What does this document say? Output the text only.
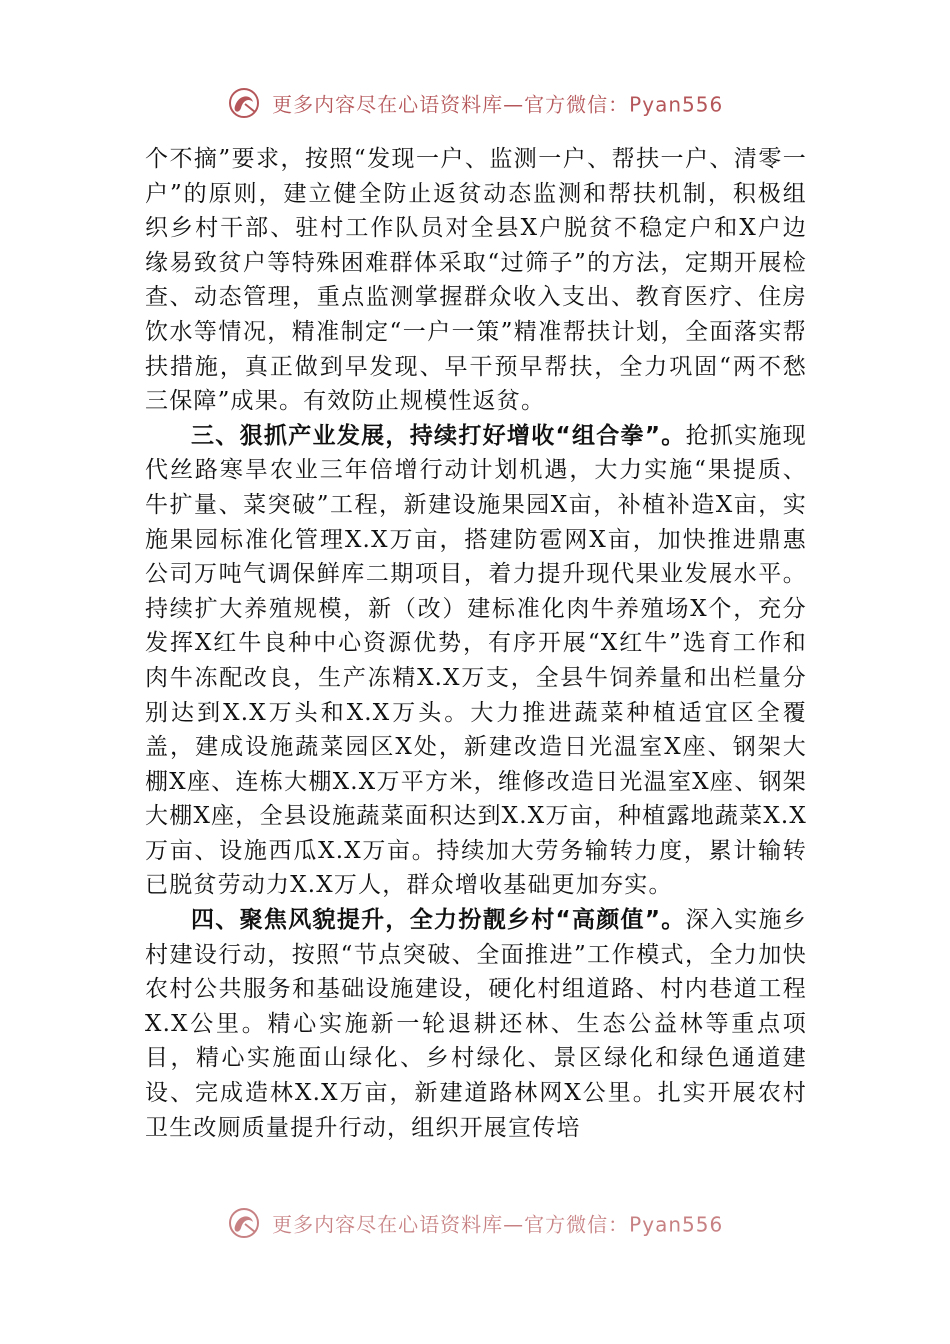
更多内容尽在心语资料库—官方微信：Pyan556

个不摘”要求，按照“发现一户、监测一户、帮扶一户、清零一户”的原则，建立健全防止返贫动态监测和帮扶机制，积极组织乡村干部、驻村工作队员对全县X户脱贫不稳定户和X户边缘易致贫户等特殊困难群体采取“过筛子”的方法，定期开展检查、动态管理，重点监测掌握群众收入支出、教育医疗、住房饮水等情况，精准制定“一户一策”精准帮扶计划，全面落实帮扶措施，真正做到早发现、早干预早帮扶，全力巩固“两不愁三保障”成果。有效防止规模性返贫。

三、狠抓产业发展，持续打好增收“组合拳”。抢抓实施现代丝路寒旱农业三年倍增行动计划机遇，大力实施“果提质、牛扩量、菜突破”工程，新建设施果园X亩，补植补造X亩，实施果园标准化管理X.X万亩，搭建防雹网X亩，加快推进鼎惠公司万吨气调保鲜库二期项目，着力提升现代果业发展水平。持续扩大养殖规模，新（改）建标准化肉牛养殖场X个，充分发挥X红牛良种中心资源优势，有序开展“X红牛”选育工作和肉牛冻配改良，生产冻精X.X万支，全县牛饲养量和出栏量分别达到X.X万头和X.X万头。大力推进蔬菜种植适宜区全覆盖，建成设施蔬菜园区X处，新建改造日光温室X座、钢架大棚X座、连栋大棚X.X万平方米，维修改造日光温室X座、钢架大棚X座，全县设施蔬菜面积达到X.X万亩，种植露地蔬菜X.X万亩、设施西瓜X.X万亩。持续加大劳务输转力度，累计输转已脱贫劳动力X.X万人，群众增收基础更加夯实。

四、聚焦风貌提升，全力扮靓乡村“高颜值”。深入实施乡村建设行动，按照“节点突破、全面推进”工作模式，全力加快农村公共服务和基础设施建设，硬化村组道路、村内巷道工程X.X公里。精心实施新一轮退耕还林、生态公益林等重点项目，精心实施面山绿化、乡村绿化、景区绿化和绿色通道建设、完成造林X.X万亩，新建道路林网X公里。扎实开展农村卫生改厕质量提升行动，组织开展宣传培

更多内容尽在心语资料库—官方微信：Pyan556
